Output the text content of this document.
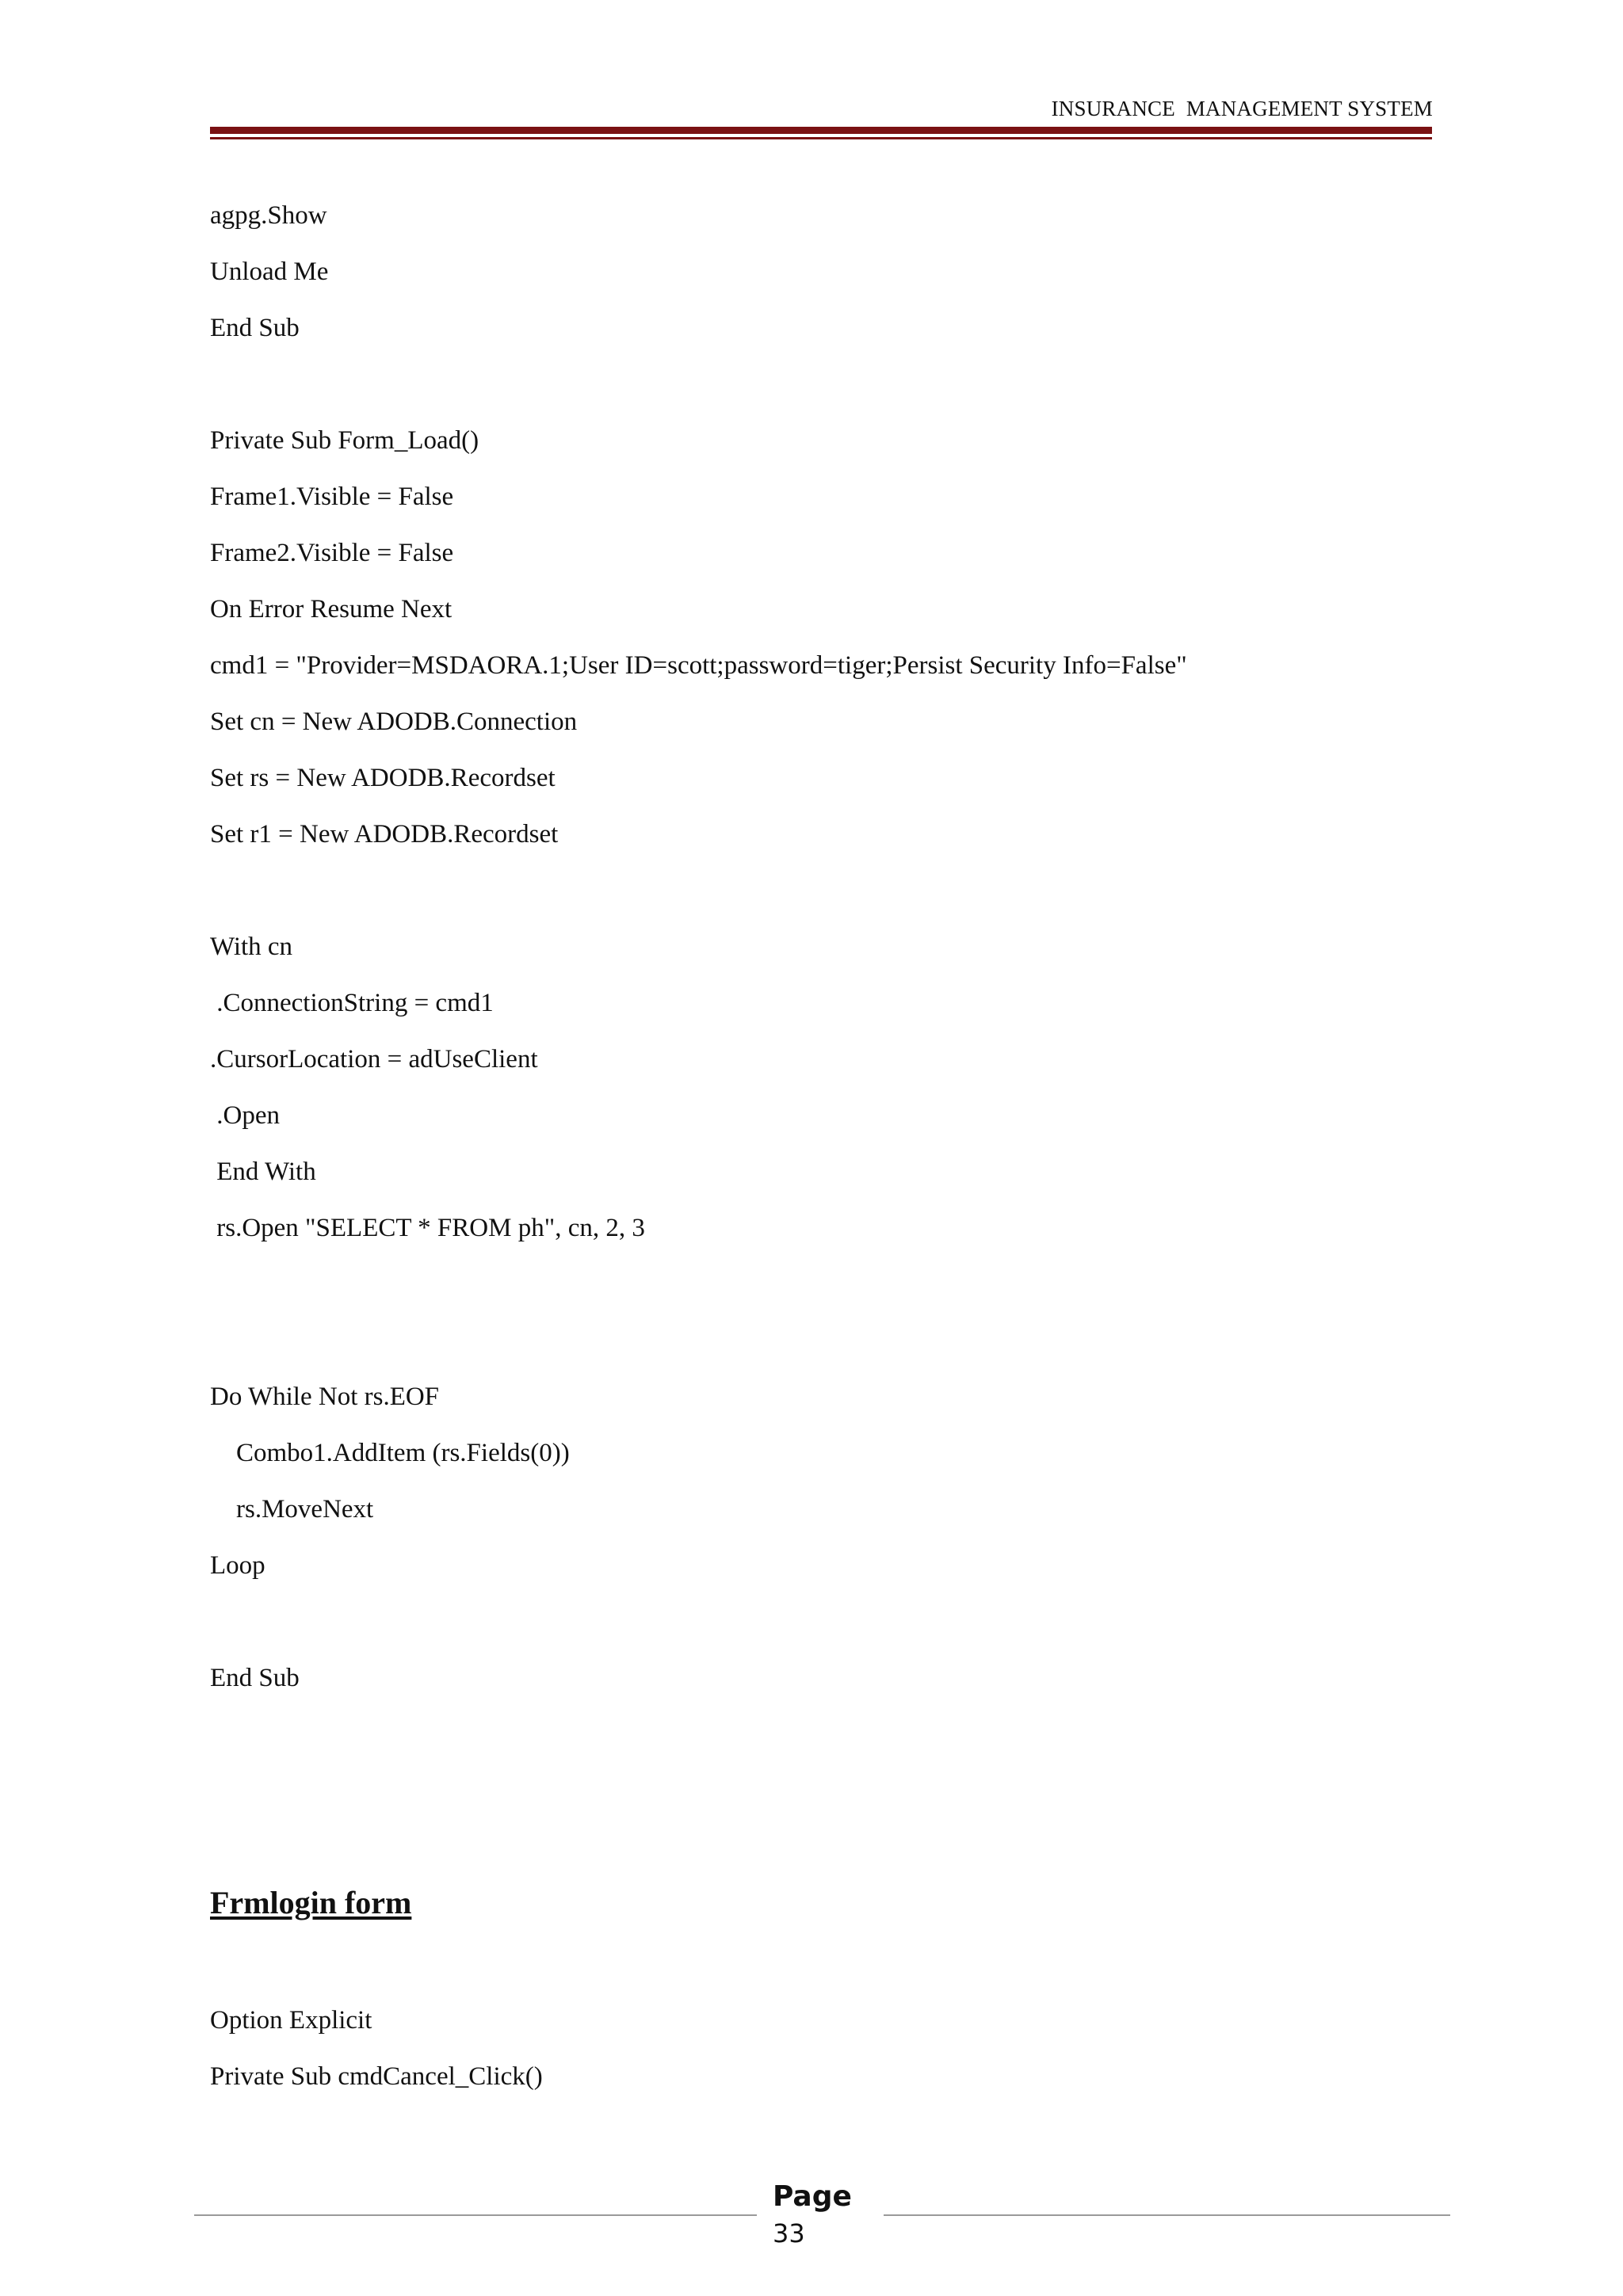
INSURANCE  MANAGEMENT SYSTEM
agpg.Show
Unload Me
End Sub
Private Sub Form_Load()
Frame1.Visible = False
Frame2.Visible = False
On Error Resume Next
cmd1 = "Provider=MSDAORA.1;User ID=scott;password=tiger;Persist Security Info=False"
Set cn = New ADODB.Connection
Set rs = New ADODB.Recordset
Set r1 = New ADODB.Recordset
With cn
.ConnectionString = cmd1
.CursorLocation = adUseClient
.Open
End With
rs.Open "SELECT * FROM ph", cn, 2, 3
Do While Not rs.EOF
Combo1.AddItem (rs.Fields(0))
rs.MoveNext
Loop
End Sub
Frmlogin form
Option Explicit
Private Sub cmdCancel_Click()
Page
33
